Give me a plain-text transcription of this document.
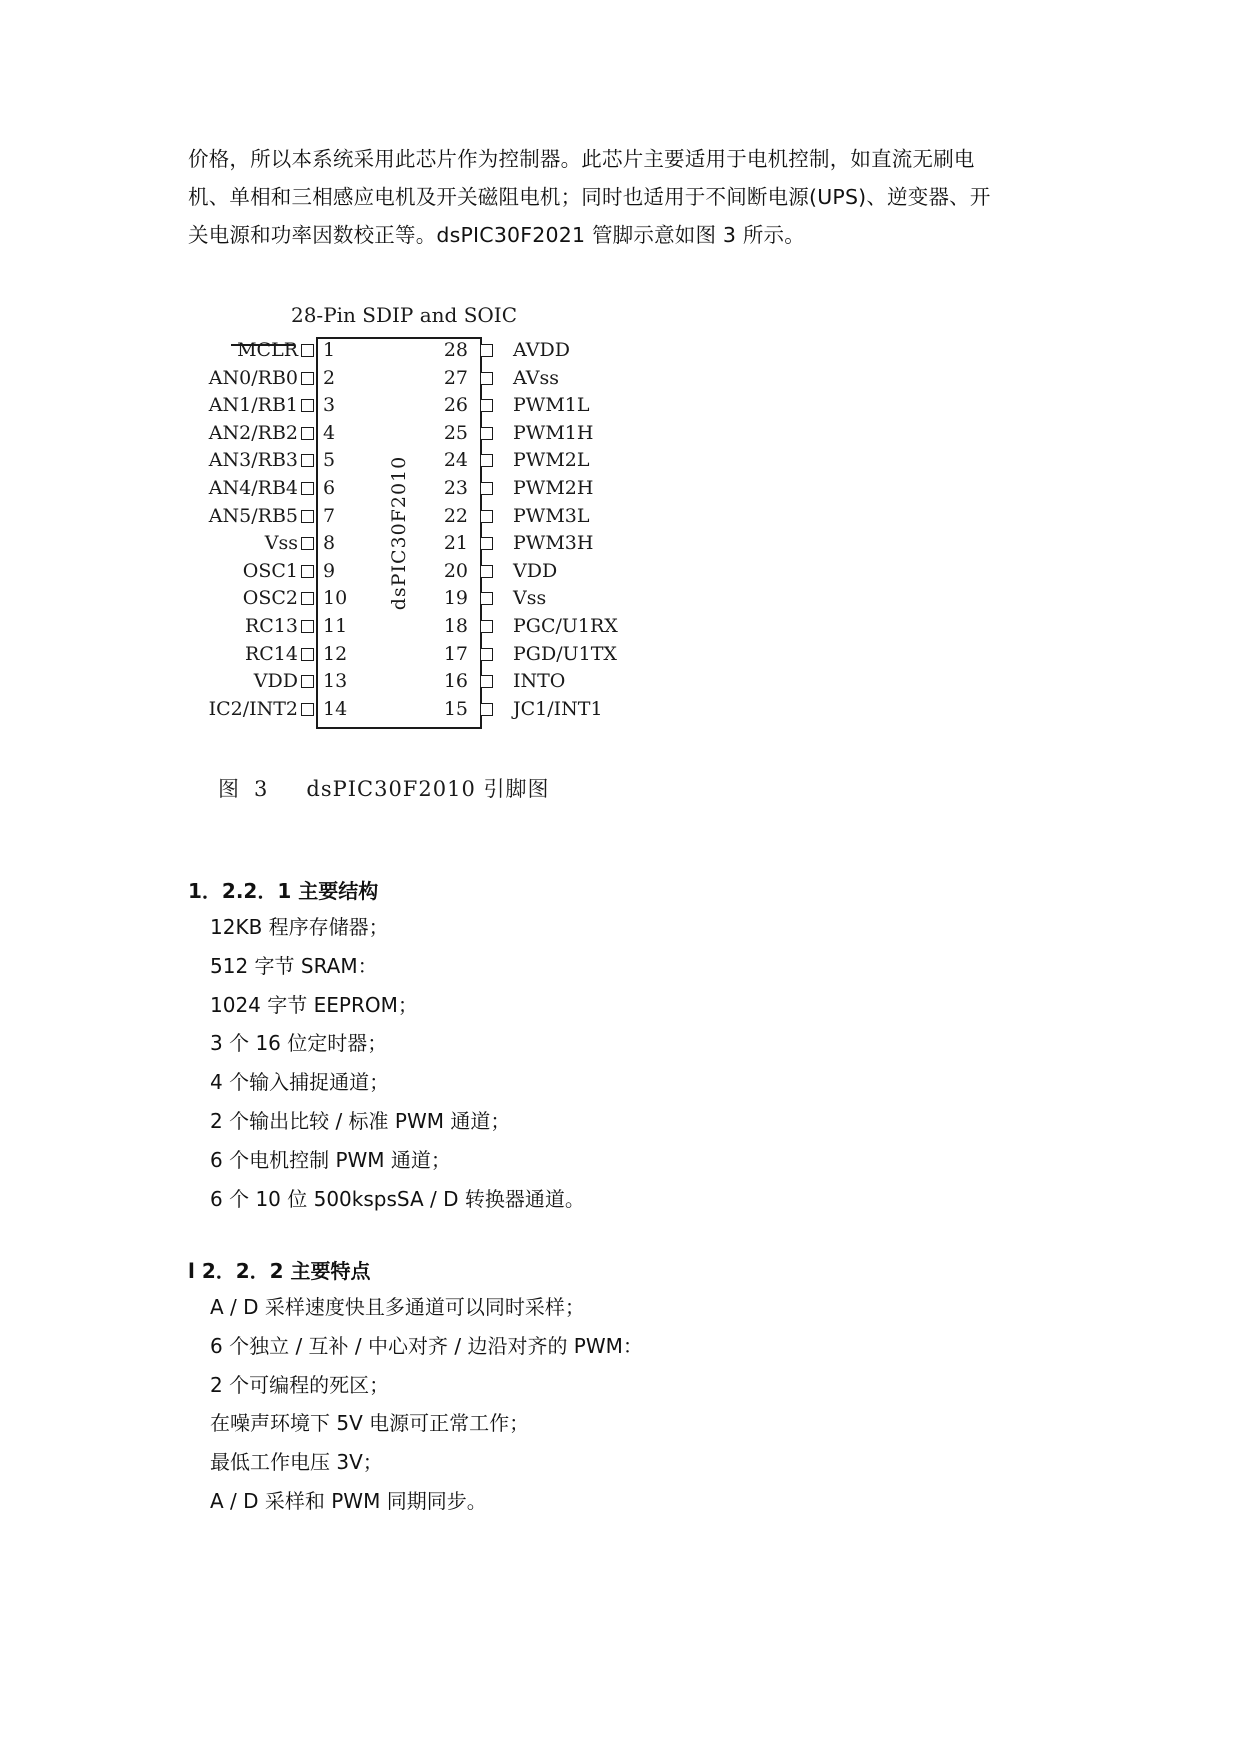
价格，所以本系统采用此芯片作为控制器。此芯片主要适用于电机控制，如直流无刷电
机、单相和三相感应电机及开关磁阻电机；同时也适用于不间断电源(UPS)、逆变器、开
关电源和功率因数校正等。dsPIC30F2021 管脚示意如图 3 所示。
28-Pin SDIP and SOIC
dsPIC30F2010
MCLR 1
AN0/RB0 2
AN1/RB1 3
AN2/RB2 4
AN3/RB3 5
AN4/RB4 6
AN5/RB5 7
Vss 8
OSC1 9
OSC2 10
RC13 11
RC14 12
VDD 13
IC2/INT2 14
28 AVDD
27 AVss
26 PWM1L
25 PWM1H
24 PWM2L
23 PWM2H
22 PWM3L
21 PWM3H
20 VDD
19 Vss
18 PGC/U1RX
17 PGD/U1TX
16 INTO
15 JC1/INT1
图 3 dsPIC30F2010 引脚图
1．2.2．1 主要结构
12KB 程序存储器；
512 字节 SRAM：
1024 字节 EEPROM；
3 个 16 位定时器；
4 个输入捕捉通道；
2 个输出比较 / 标准 PWM 通道；
6 个电机控制 PWM 通道；
6 个 10 位 500kspsSA / D 转换器通道。
l 2．2．2 主要特点
A / D 采样速度快且多通道可以同时采样；
6 个独立 / 互补 / 中心对齐 / 边沿对齐的 PWM：
2 个可编程的死区；
在噪声环境下 5V 电源可正常工作；
最低工作电压 3V；
A / D 采样和 PWM 同期同步。
